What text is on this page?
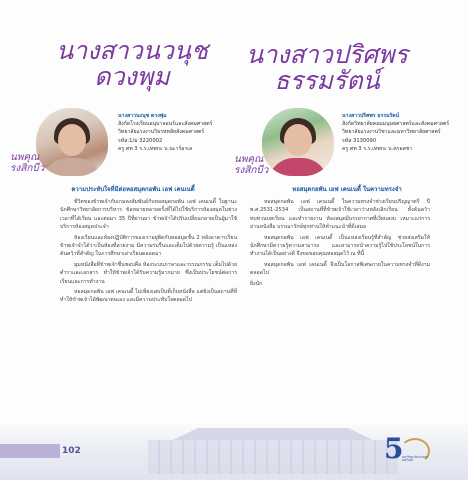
นางสาวนวนุช
ดวงพุม
นางสาวปริศพร
ธรรมรัตน์
นพคุณ
รงสิกบีว
นพคุณ
รงสิกบีว
นางสาวนงนุช ดวงพุ่ม
สังกัดโรงเรียนอนุบาลอนร์และสังคมศาสตร์
วิทยาลัยแรงงานวิธรหทลัยสังคมศาสตร์
รหัส:1/ม 3220002
ครู ศท 3 ร.ร.เทพกะ บ.นะาร์อาเล
นางสาวปริศพร ธรรมรัตน์
สังกัดวิทยาลัยคอมมนุษยศาสตร์และสังคมศาสตร์
วิทยาลัยแรงงานวิชาและมหาวิทยาลัยศาสตร์
รหัส 3130090
ครู ศท 3 ร.ร.เทพกะ บ.ครอสชา
ความประทับใจที่มีต่อหอสมุดกอพัน เอฟ เคนเนดี้	หอสมุดกอพัน เอฟ เคนเนดี้ ในความทรงจำ

ชีวิตของข้าพเจ้ากับเกมคงสัมพันธ์กับหอสมุดกอพัน เอฟ เคนเนดี้ ในฐานะนักศึกษาวิทยาลัยการบริหาร ข้อหมายหลายครั้งที่ได้ไปใช้บริการห้องสมุดในช่วงเวลาที่ได้เรียน และต่อมา 35 ปีที่ผ่านมา ข้าพเจ้าได้ปรับเปลี่ยนกลายเป็นผู้มาใช้บริการห้องสมุดประจำ

ห้องเรียนและห้องปฏิบัติการของเราอยู่ติดกับหอสมุดชั้น 2 หลังอาคารเรียน ข้าพเจ้าจำได้ว่าเป็นห้องที่สวยงาม มีความร่มรื่นและเต็มไปด้วยความรู้ เป็นแหล่งค้นคว้าที่สำคัญ ในการศึกษาเล่าเรียนตลอดมา

มุมหนังสือที่ข้าพเจ้าชื่นชอบคือ ห้องระบบภาษาและวรรณกรรม เต็มไปด้วยตำราและเอกสาร ทำให้ข้าพเจ้าได้รับความรู้มากมาย ซึ่งเป็นประโยชน์ต่อการเรียนและการทำงาน

หอสมุดกอพัน เอฟ เคนเนดี้ ไม่เพียงแต่เป็นที่เก็บหนังสือ แต่ยังเป็นสถานที่ที่ทำให้ข้าพเจ้าได้พัฒนาตนเอง และมีความประทับใจตลอดไป

หอสมุดกอพัน เอฟ เคนเนดี้ ในความทรงจำช่วงเรียนปริญญาตรี ปี พ.ศ.2531-2534 เป็นสถานที่ที่ข้าพเจ้าใช้เวลาว่างหลังเลิกเรียน ทั้งค้นคว้า ทบทวนบทเรียน และทำรายงาน ห้องสมุดมีบรรยากาศที่เงียบสงบ เหมาะแก่การอ่านหนังสือ บรรณารักษ์ทุกท่านให้คำแนะนำที่ดีเสมอ

หอสมุดกอพัน เอฟ เคนเนดี้ เป็นแหล่งเรียนรู้ที่สำคัญ ช่วยส่งเสริมให้นักศึกษามีความรู้ความสามารถ และสามารถนำความรู้ไปใช้ประโยชน์ในการทำงานได้เป็นอย่างดี จึงขอขอบคุณหอสมุดไว้ ณ ที่นี้

หอสมุดกอพัน เอฟ เคนเนดี้ จึงเป็นโอกาสพิเศษภายในความทรงจำที่ดีงามตลอดไป

ยิ่งนัก
102	5
มหาวิทยาลัย สงขลานครินทร์
